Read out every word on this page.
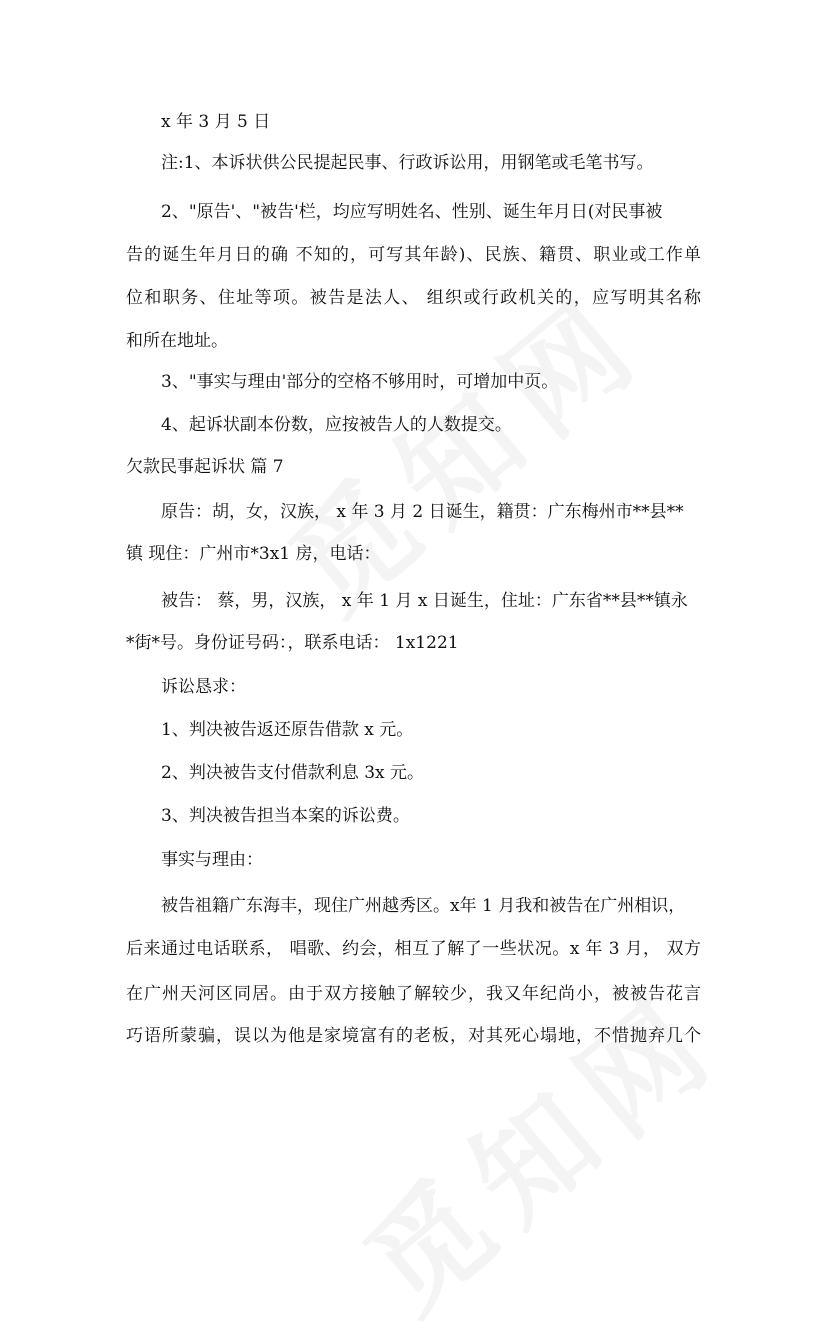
x 年 3 月 5 日
注:1、本诉状供公民提起民事、行政诉讼用，用钢笔或毛笔书写。
2、"原告'、"被告'栏，均应写明姓名、性别、诞生年月日(对民事被
告的诞生年月日的确 不知的，可写其年龄)、民族、籍贯、职业或工作单
位和职务、住址等项。被告是法人、 组织或行政机关的，应写明其名称
和所在地址。
3、"事实与理由'部分的空格不够用时，可增加中页。
4、起诉状副本份数，应按被告人的人数提交。
欠款民事起诉状 篇 7
原告：胡，女，汉族， x 年 3 月 2 日诞生，籍贯：广东梅州市**县**
镇 现住：广州市*3x1 房，电话：
被告： 蔡，男，汉族， x 年 1 月 x 日诞生，住址：广东省**县**镇永
*街*号。身份证号码：，联系电话： 1x1221
诉讼恳求：
1、判决被告返还原告借款 x 元。
2、判决被告支付借款利息 3x 元。
3、判决被告担当本案的诉讼费。
事实与理由：
被告祖籍广东海丰，现住广州越秀区。x年 1 月我和被告在广州相识，
后来通过电话联系， 唱歌、约会，相互了解了一些状况。x 年 3 月， 双方
在广州天河区同居。由于双方接触了解较少，我又年纪尚小，被被告花言
巧语所蒙骗，误以为他是家境富有的老板，对其死心塌地，不惜抛弃几个
